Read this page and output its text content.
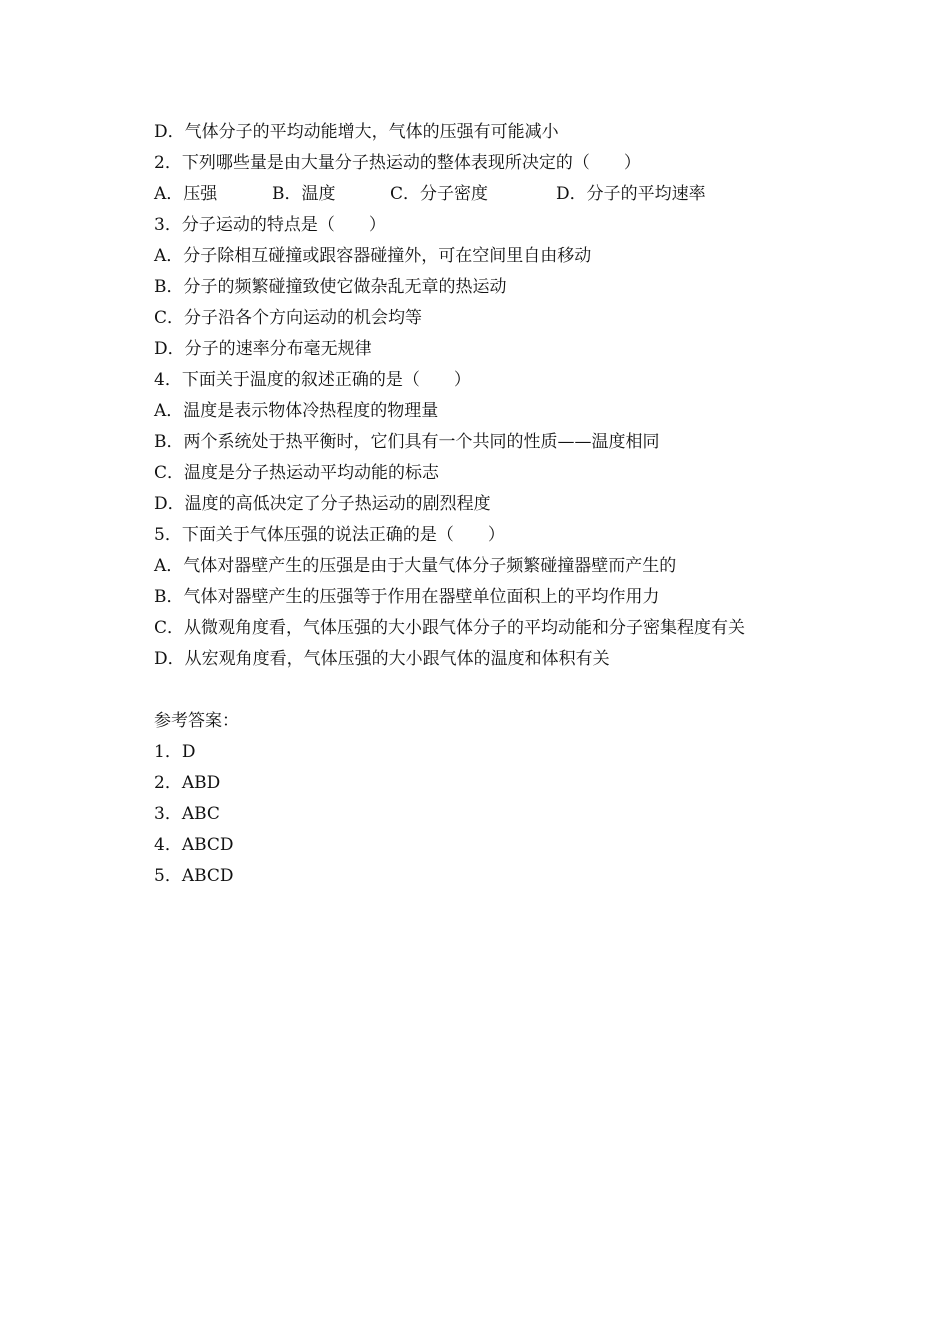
D．气体分子的平均动能增大，气体的压强有可能减小
2．下列哪些量是由大量分子热运动的整体表现所决定的（　　）
A．压强	B．温度	C．分子密度	D．分子的平均速率
3．分子运动的特点是（　　）
A．分子除相互碰撞或跟容器碰撞外，可在空间里自由移动
B．分子的频繁碰撞致使它做杂乱无章的热运动
C．分子沿各个方向运动的机会均等
D．分子的速率分布毫无规律
4．下面关于温度的叙述正确的是（　　）
A．温度是表示物体冷热程度的物理量
B．两个系统处于热平衡时，它们具有一个共同的性质——温度相同
C．温度是分子热运动平均动能的标志
D．温度的高低决定了分子热运动的剧烈程度
5．下面关于气体压强的说法正确的是（　　）
A．气体对器壁产生的压强是由于大量气体分子频繁碰撞器壁而产生的
B．气体对器壁产生的压强等于作用在器壁单位面积上的平均作用力
C．从微观角度看，气体压强的大小跟气体分子的平均动能和分子密集程度有关
D．从宏观角度看，气体压强的大小跟气体的温度和体积有关
参考答案：
1．D
2．ABD
3．ABC
4．ABCD
5．ABCD
